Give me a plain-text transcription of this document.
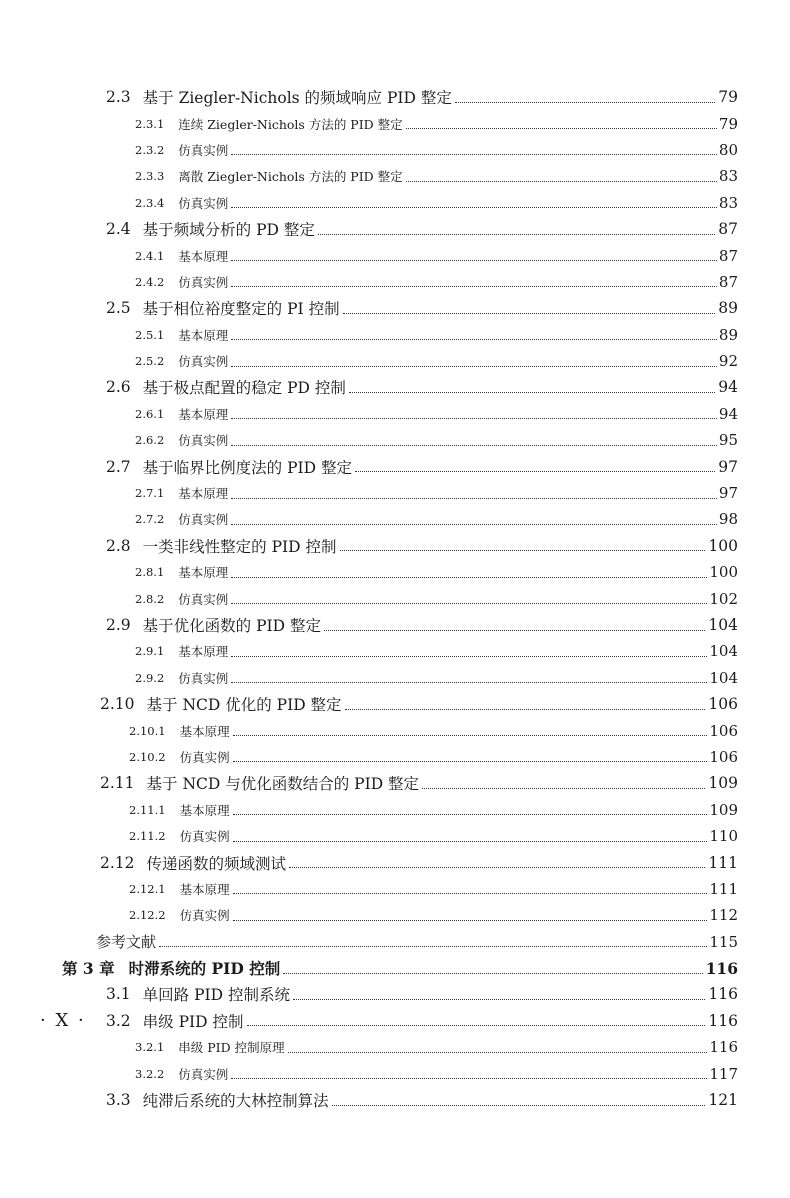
2.3 基于 Ziegler-Nichols 的频域响应 PID 整定	79
2.3.1 连续 Ziegler-Nichols 方法的 PID 整定	79
2.3.2 仿真实例	80
2.3.3 离散 Ziegler-Nichols 方法的 PID 整定	83
2.3.4 仿真实例	83
2.4 基于频域分析的 PD 整定	87
2.4.1 基本原理	87
2.4.2 仿真实例	87
2.5 基于相位裕度整定的 PI 控制	89
2.5.1 基本原理	89
2.5.2 仿真实例	92
2.6 基于极点配置的稳定 PD 控制	94
2.6.1 基本原理	94
2.6.2 仿真实例	95
2.7 基于临界比例度法的 PID 整定	97
2.7.1 基本原理	97
2.7.2 仿真实例	98
2.8 一类非线性整定的 PID 控制	100
2.8.1 基本原理	100
2.8.2 仿真实例	102
2.9 基于优化函数的 PID 整定	104
2.9.1 基本原理	104
2.9.2 仿真实例	104
2.10 基于 NCD 优化的 PID 整定	106
2.10.1 基本原理	106
2.10.2 仿真实例	106
2.11 基于 NCD 与优化函数结合的 PID 整定	109
2.11.1 基本原理	109
2.11.2 仿真实例	110
2.12 传递函数的频域测试	111
2.12.1 基本原理	111
2.12.2 仿真实例	112
参考文献	115
第 3 章 时滞系统的 PID 控制	116
3.1 单回路 PID 控制系统	116
3.2 串级 PID 控制	116
3.2.1 串级 PID 控制原理	116
3.2.2 仿真实例	117
3.3 纯滞后系统的大林控制算法	121
· X ·
